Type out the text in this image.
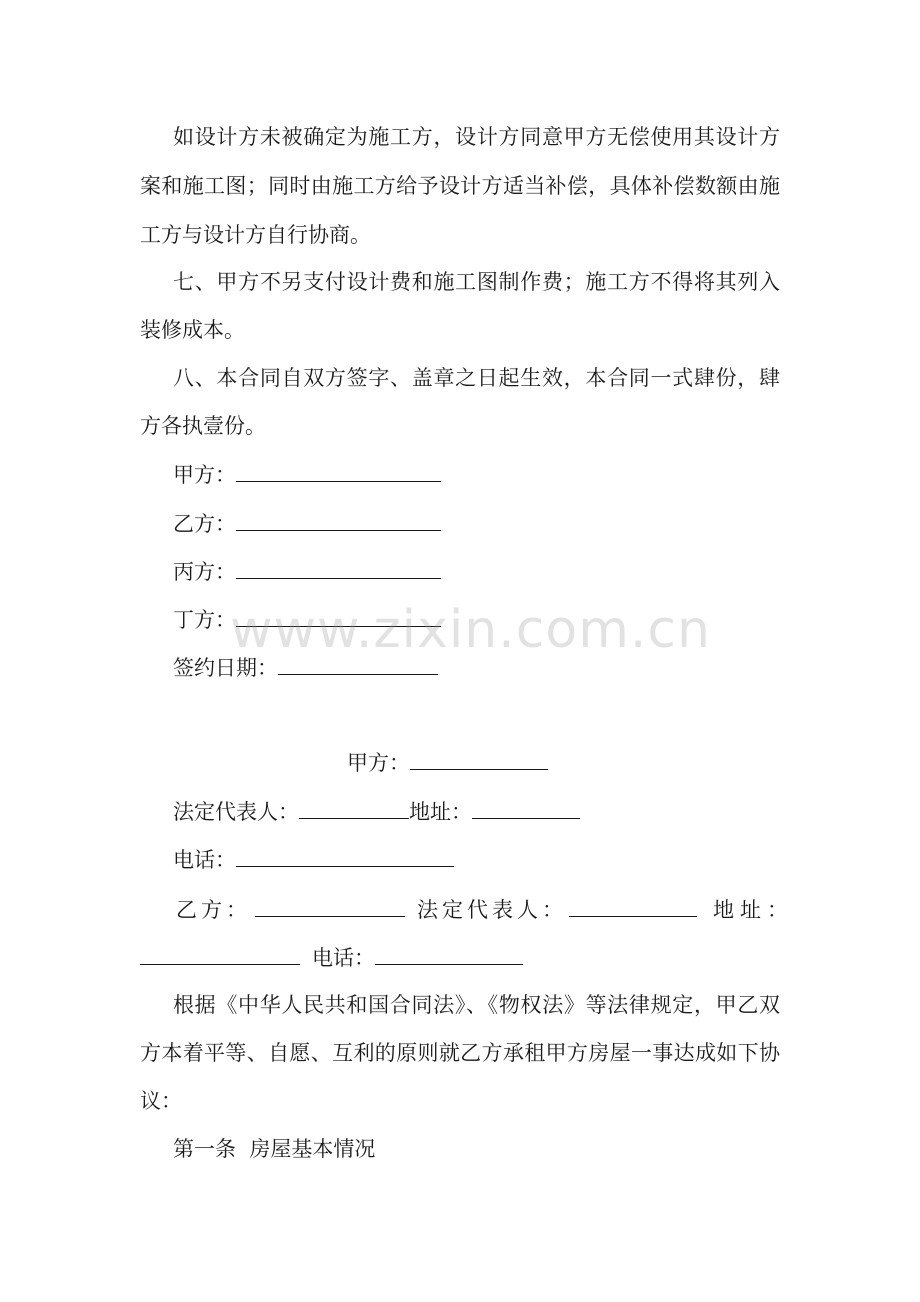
如设计方未被确定为施工方，设计方同意甲方无偿使用其设计方
案和施工图；同时由施工方给予设计方适当补偿，具体补偿数额由施
工方与设计方自行协商。
七、甲方不另支付设计费和施工图制作费；施工方不得将其列入
装修成本。
八、本合同自双方签字、盖章之日起生效，本合同一式肆份，肆
方各执壹份。
甲方：
乙方：
丙方：
丁方：
签约日期：
甲方：
法定代表人：	地址：
电话：
乙方：	法定代表人：	地址：
电话：
根据《中华人民共和国合同法》、《物权法》等法律规定，甲乙双
方本着平等、自愿、互利的原则就乙方承租甲方房屋一事达成如下协
议：
第一条  房屋基本情况
www.zixin.com.cn
